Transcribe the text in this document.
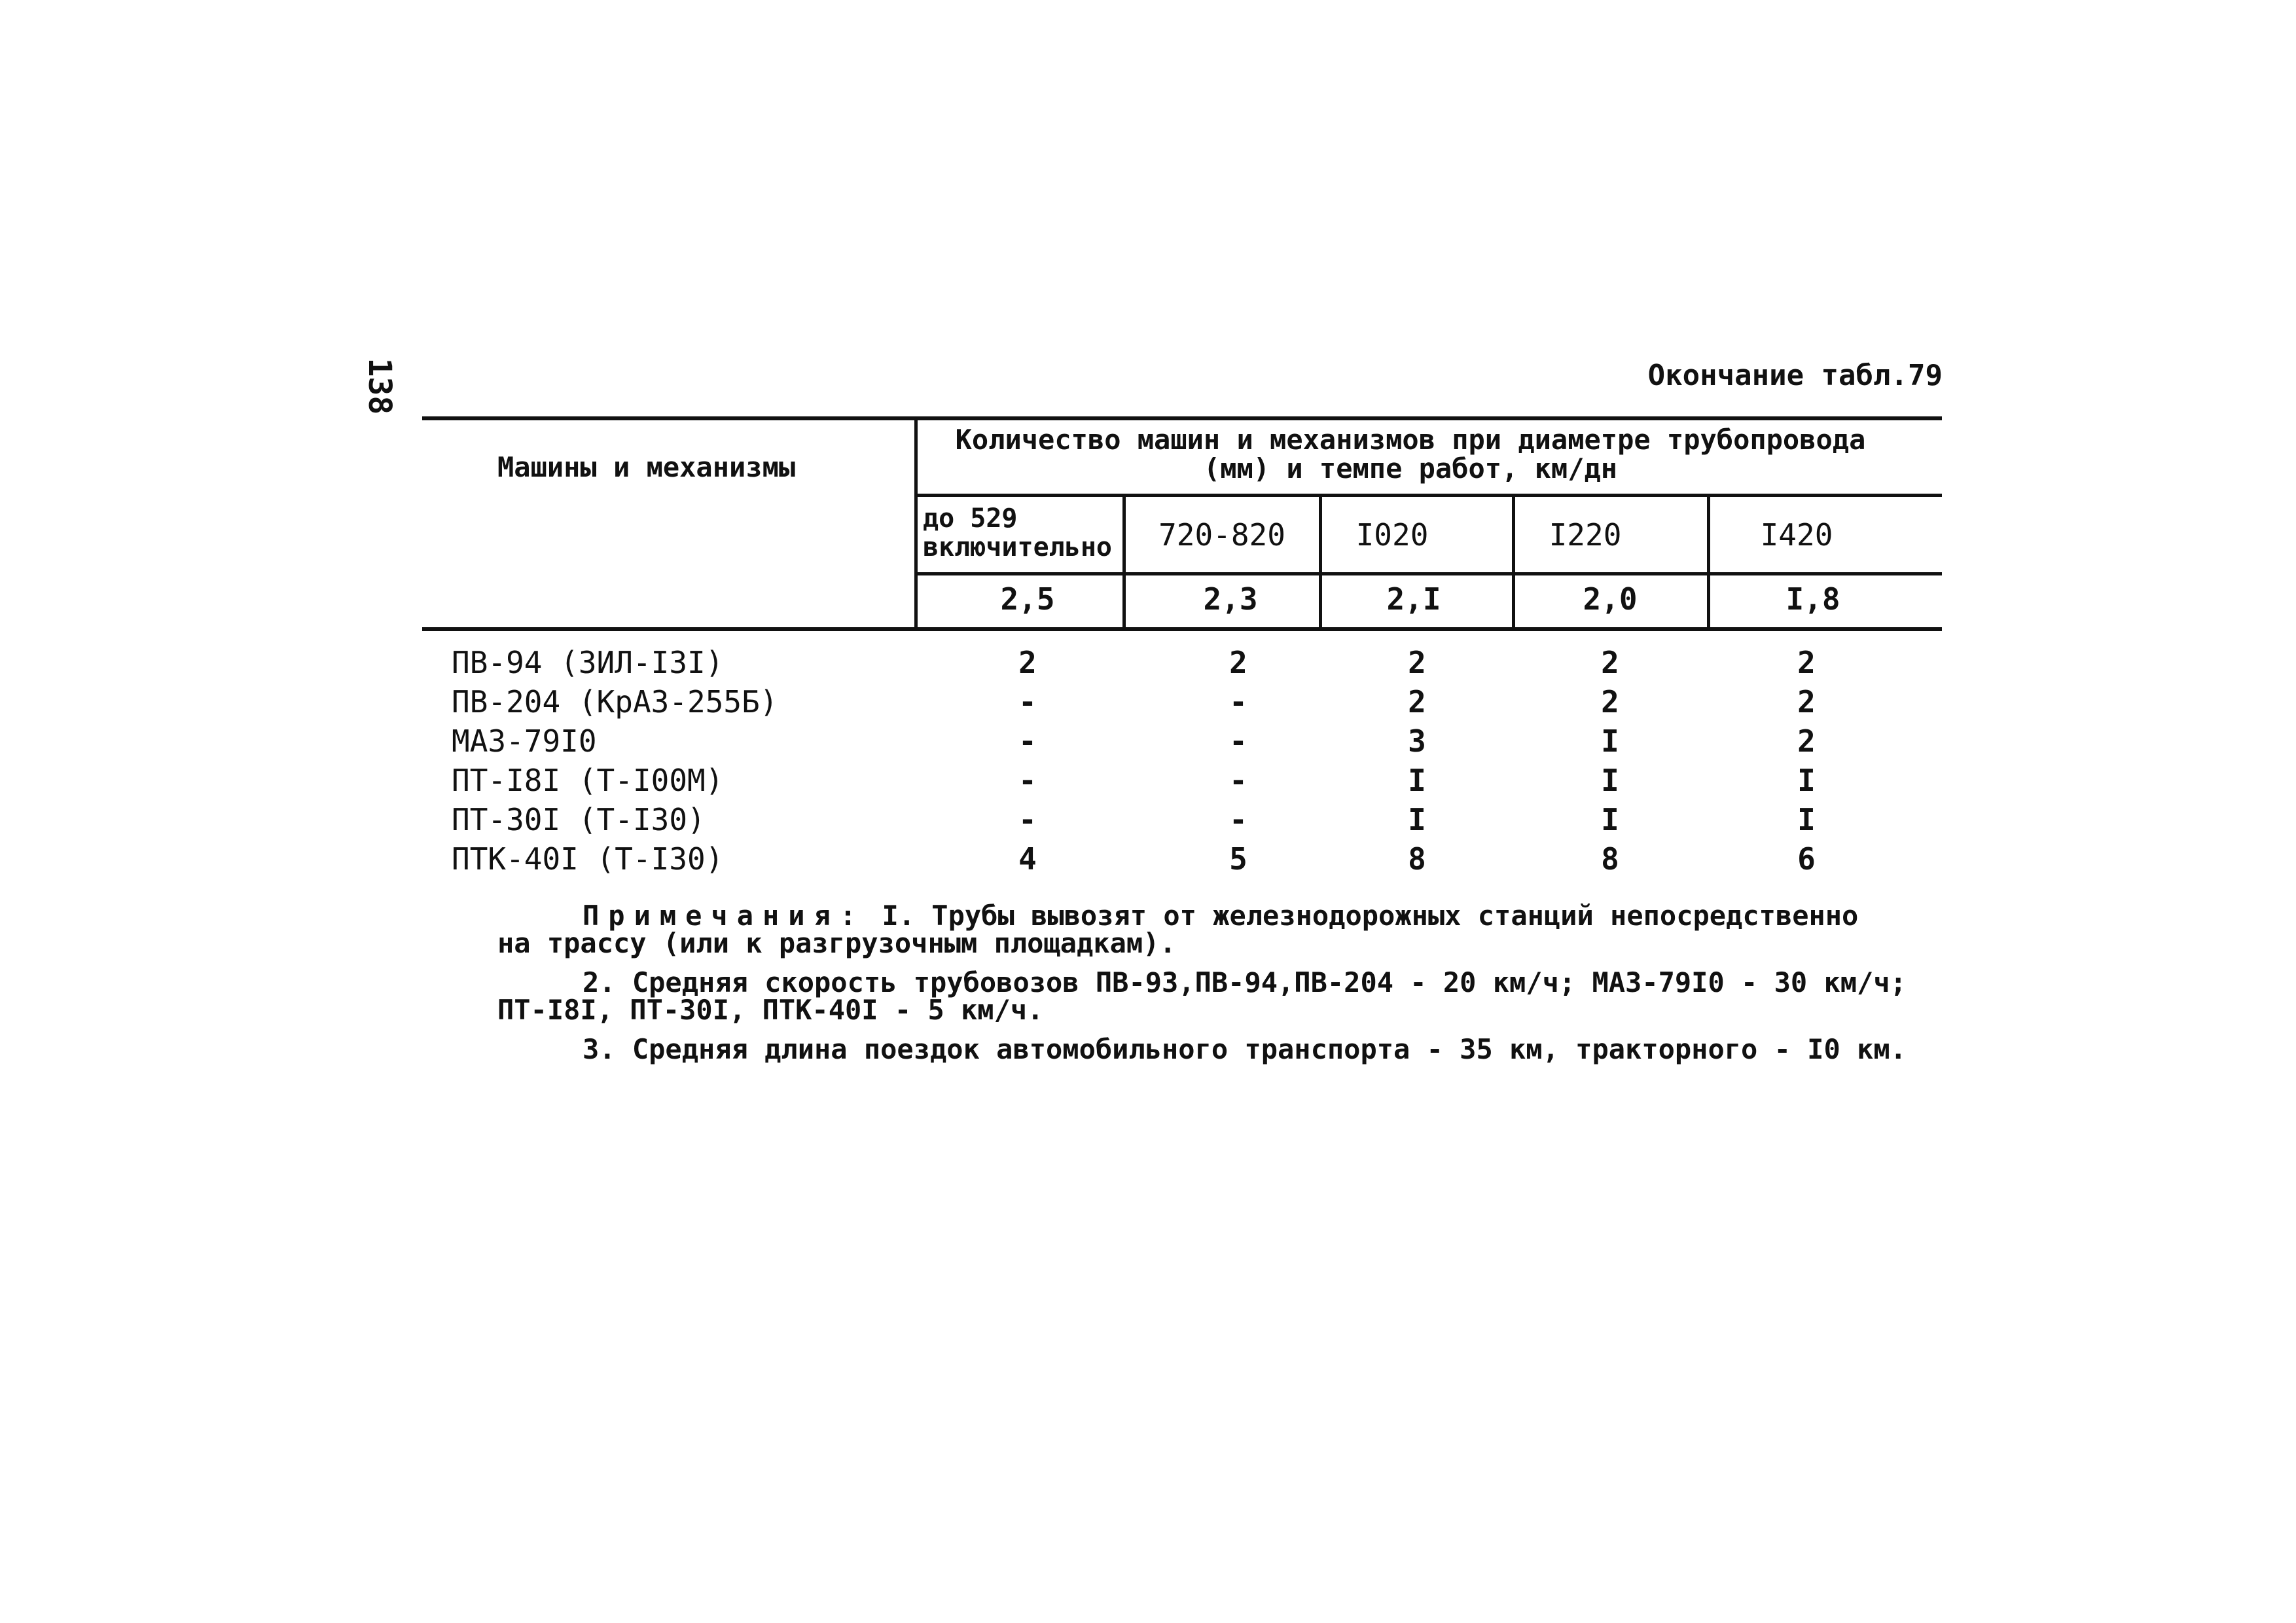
138	Окончание табл.79
Машины и механизмы
Количество машин и механизмов при диаметре трубопровода (мм) и темпе работ, км/дн
до 529 включительно	720-820	I020	I220	I420
2,5	2,3	2,I	2,0	I,8
ПВ-94 (ЗИЛ-I3I)	2	2	2	2	2
ПВ-204 (КрАЗ-255Б)	-	-	2	2	2
МАЗ-79I0	-	-	3	I	2
ПТ-I8I (Т-I00М)	-	-	I	I	I
ПТ-30I (Т-I30)	-	-	I	I	I
ПТК-40I (Т-I30)	4	5	8	8	6
Примечания: I. Трубы вывозят от железнодорожных станций непосредственно
на трассу (или к разгрузочным площадкам).
2. Средняя скорость трубовозов ПВ-93,ПВ-94,ПВ-204 - 20 км/ч; МАЗ-79I0 - 30 км/ч;
ПТ-I8I, ПТ-30I, ПТК-40I - 5 км/ч.
3. Средняя длина поездок автомобильного транспорта - 35 км, тракторного - I0 км.
